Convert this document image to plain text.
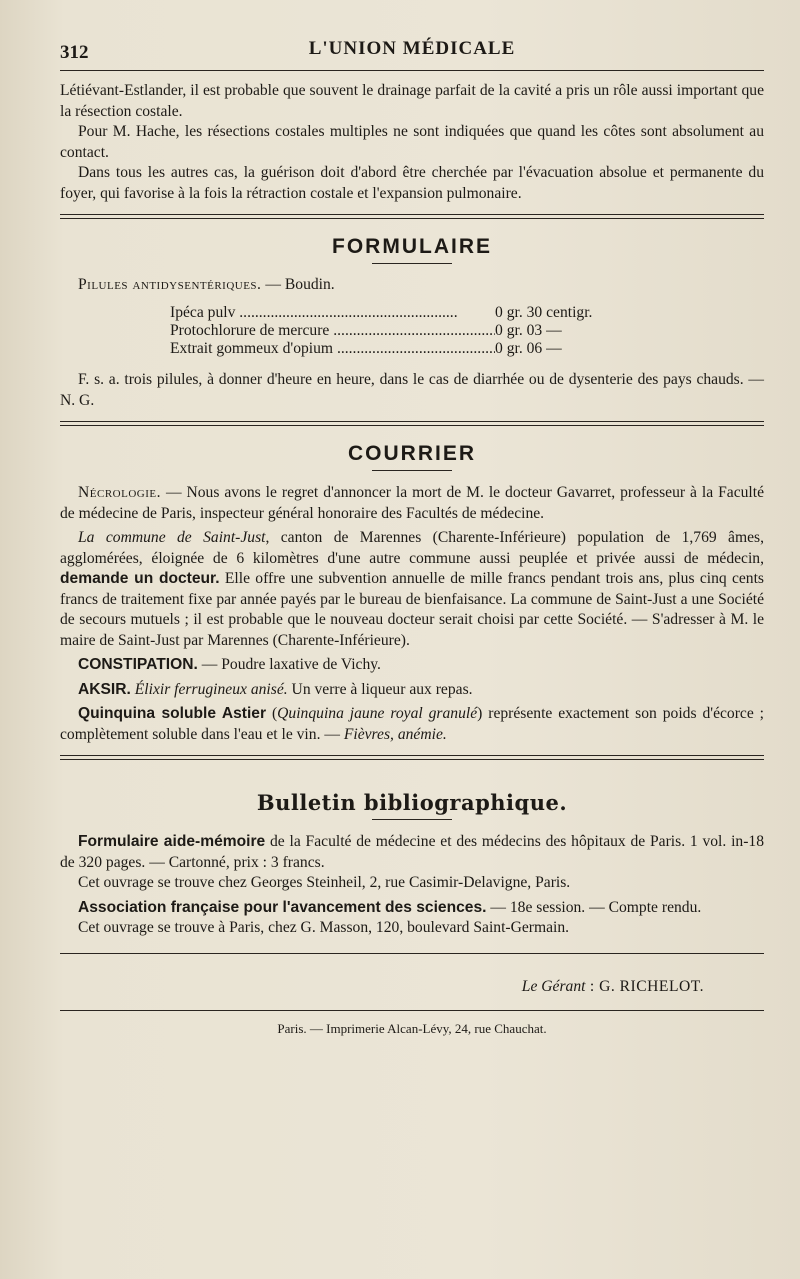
312	L'UNION MÉDICALE

Létiévant-Estlander, il est probable que souvent le drainage parfait de la cavité a pris un rôle aussi important que la résection costale.

Pour M. Hache, les résections costales multiples ne sont indiquées que quand les côtes sont absolument au contact.

Dans tous les autres cas, la guérison doit d'abord être cherchée par l'évacuation absolue et permanente du foyer, qui favorise à la fois la rétraction costale et l'expansion pulmonaire.

FORMULAIRE
Pilules antidysentériques. — Boudin.
Ipéca pulv .....	0 gr. 30 centigr.
Protochlorure de mercure .....	0 gr. 03 —
Extrait gommeux d'opium .....	0 gr. 06 —

F. s. a. trois pilules, à donner d'heure en heure, dans le cas de diarrhée ou de dysenterie des pays chauds. — N. G.

COURRIER

Nécrologie. — Nous avons le regret d'annoncer la mort de M. le docteur Gavarret, professeur à la Faculté de médecine de Paris, inspecteur général honoraire des Facultés de médecine.

La commune de Saint-Just, canton de Marennes (Charente-Inférieure) population de 1,769 âmes, agglomérées, éloignée de 6 kilomètres d'une autre commune aussi peuplée et privée aussi de médecin, demande un docteur. Elle offre une subvention annuelle de mille francs pendant trois ans, plus cinq cents francs de traitement fixe par année payés par le bureau de bienfaisance. La commune de Saint-Just a une Société de secours mutuels ; il est probable que le nouveau docteur serait choisi par cette Société. — S'adresser à M. le maire de Saint-Just par Marennes (Charente-Inférieure).

CONSTIPATION. — Poudre laxative de Vichy.

AKSIR. Élixir ferrugineux anisé. Un verre à liqueur aux repas.

Quinquina soluble Astier (Quinquina jaune royal granulé) représente exactement son poids d'écorce ; complètement soluble dans l'eau et le vin. — Fièvres, anémie.

Bulletin bibliographique.

Formulaire aide-mémoire de la Faculté de médecine et des médecins des hôpitaux de Paris. 1 vol. in-18 de 320 pages. — Cartonné, prix : 3 francs.

Cet ouvrage se trouve chez Georges Steinheil, 2, rue Casimir-Delavigne, Paris.

Association française pour l'avancement des sciences. — 18e session. — Compte rendu.

Cet ouvrage se trouve à Paris, chez G. Masson, 120, boulevard Saint-Germain.

Le Gérant : G. RICHELOT.
Paris. — Imprimerie Alcan-Lévy, 24, rue Chauchat.
